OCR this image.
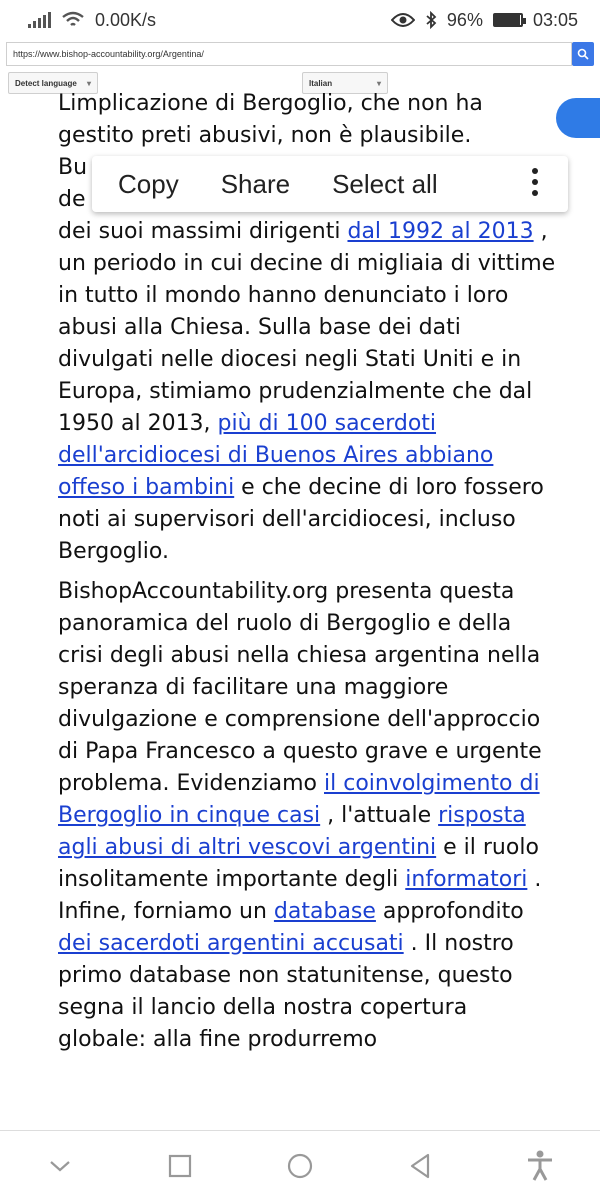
0.00K/s	96%	03:05
https://www.bishop-accountability.org/Argentina/
Detect language ▾	Italian	▾

Limplicazione di Bergoglio, che non ha gestito preti abusivi, non è plausibile.
Bu
de
dei suoi massimi dirigenti dal 1992 al 2013 , un periodo in cui decine di migliaia di vittime in tutto il mondo hanno denunciato i loro abusi alla Chiesa. Sulla base dei dati divulgati nelle diocesi negli Stati Uniti e in Europa, stimiamo prudenzialmente che dal 1950 al 2013, più di 100 sacerdoti dell'arcidiocesi di Buenos Aires abbiano offeso i bambini e che decine di loro fossero noti ai supervisori dell'arcidiocesi, incluso Bergoglio.

BishopAccountability.org presenta questa panoramica del ruolo di Bergoglio e della crisi degli abusi nella chiesa argentina nella speranza di facilitare una maggiore divulgazione e comprensione dell'approccio di Papa Francesco a questo grave e urgente problema. Evidenziamo il coinvolgimento di Bergoglio in cinque casi , l'attuale risposta agli abusi di altri vescovi argentini e il ruolo insolitamente importante degli informatori . Infine, forniamo un database approfondito dei sacerdoti argentini accusati . Il nostro primo database non statunitense, questo segna il lancio della nostra copertura globale: alla fine produrremo

Copy Share Select all
